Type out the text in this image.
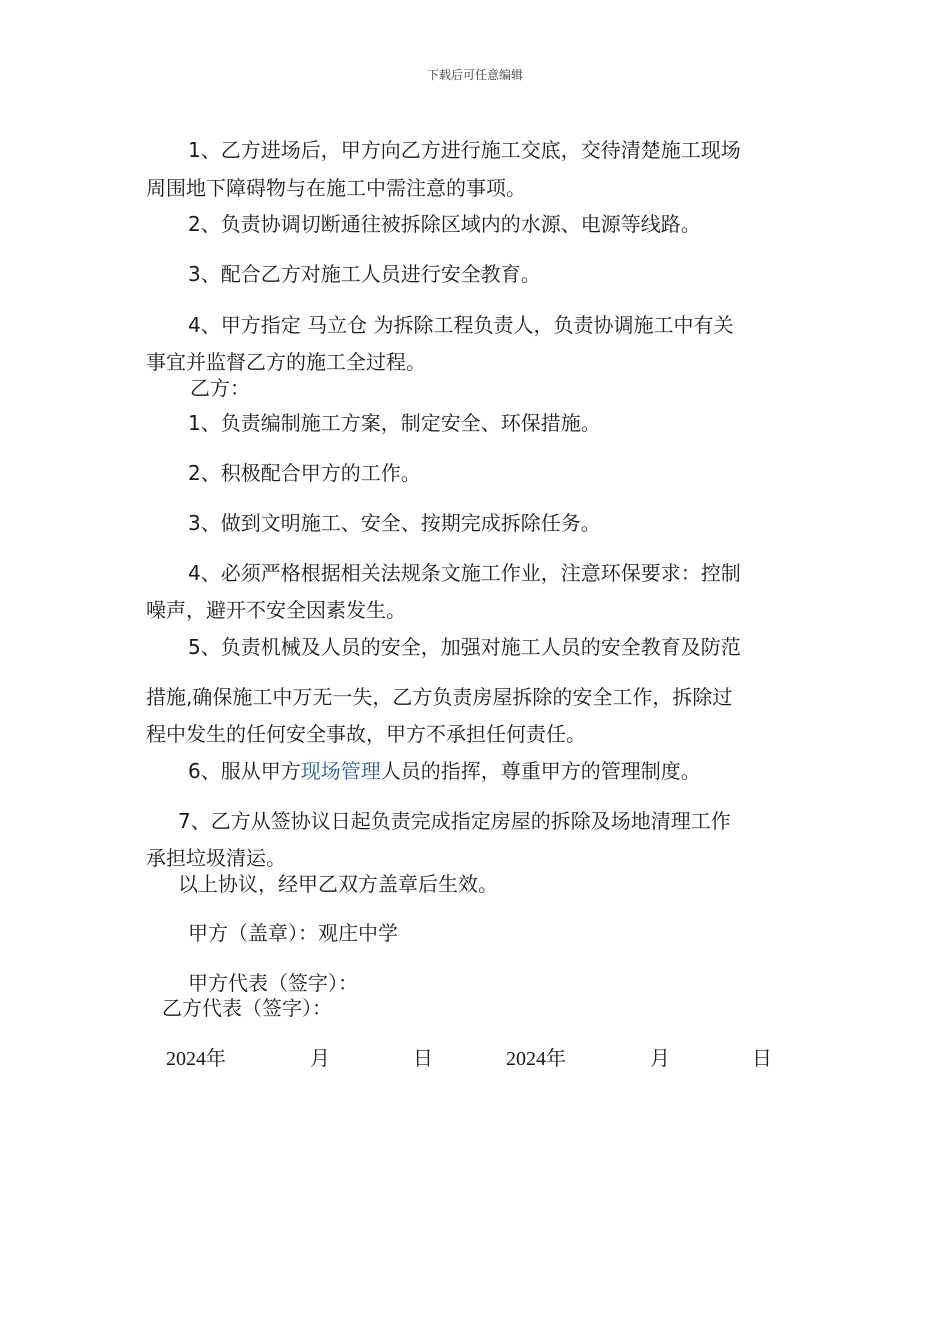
下载后可任意编辑
1、乙方进场后，甲方向乙方进行施工交底，交待清楚施工现场
周围地下障碍物与在施工中需注意的事项。
2、负责协调切断通往被拆除区域内的水源、电源等线路。
3、配合乙方对施工人员进行安全教育。
4、甲方指定 马立仓 为拆除工程负责人，负责协调施工中有关
事宜并监督乙方的施工全过程。
乙方：
1、负责编制施工方案，制定安全、环保措施。
2、积极配合甲方的工作。
3、做到文明施工、安全、按期完成拆除任务。
4、必须严格根据相关法规条文施工作业，注意环保要求：控制
噪声，避开不安全因素发生。
5、负责机械及人员的安全，加强对施工人员的安全教育及防范
措施,确保施工中万无一失，乙方负责房屋拆除的安全工作，拆除过
程中发生的任何安全事故，甲方不承担任何责任。
6、服从甲方现场管理人员的指挥，尊重甲方的管理制度。
7、乙方从签协议日起负责完成指定房屋的拆除及场地清理工作
承担垃圾清运。
以上协议，经甲乙双方盖章后生效。
甲方（盖章）：观庄中学
甲方代表（签字）：
乙方代表（签字）：
2024年	月	日	2024年	月	日
